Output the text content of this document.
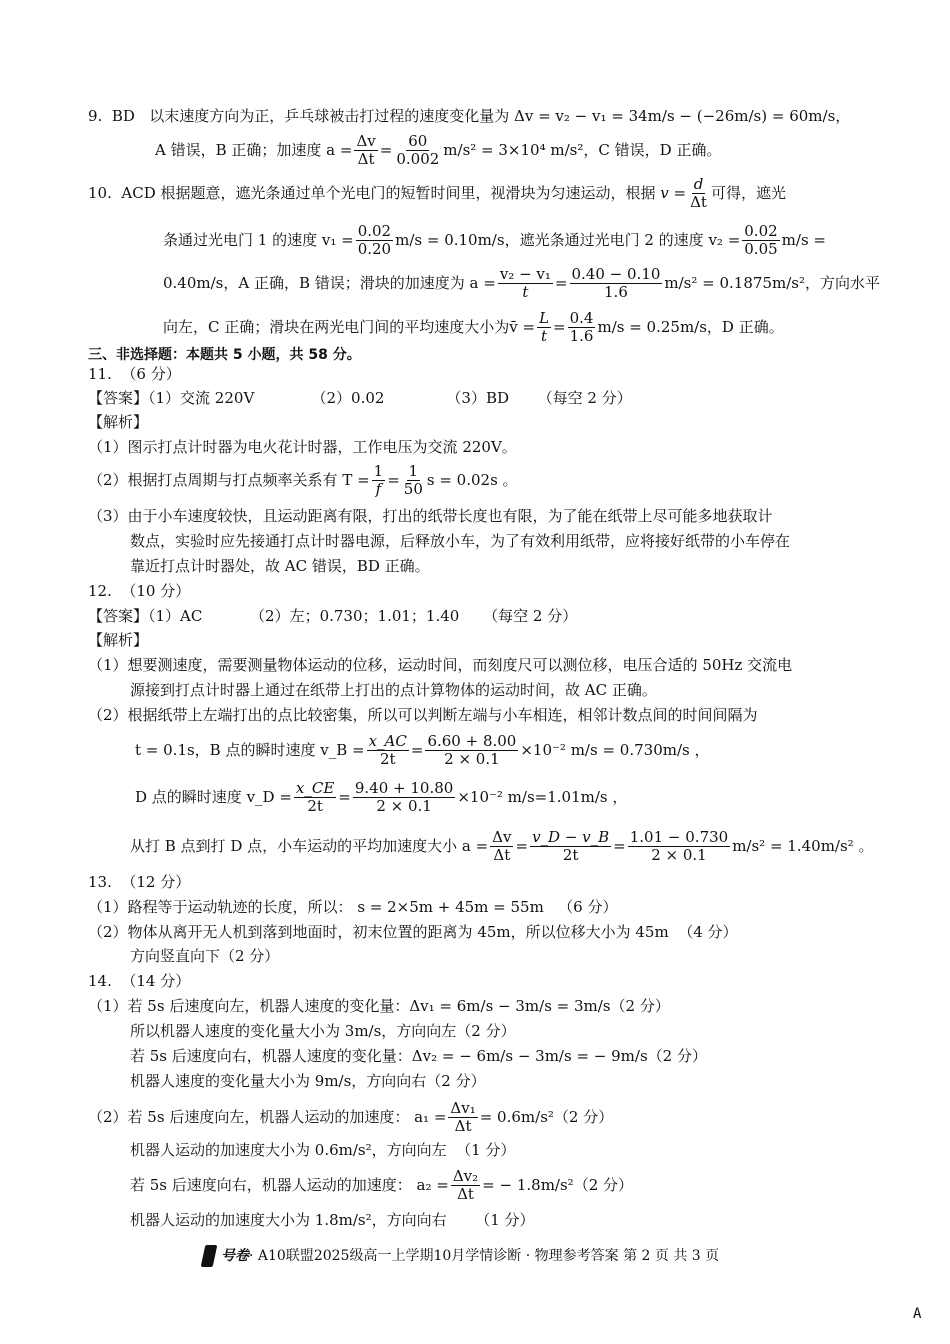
9.  BD   以末速度方向为正，乒乓球被击打过程的速度变化量为 Δv = v₂ − v₁ = 34m/s − (−26m/s) = 60m/s，
A 错误，B 正确；加速度 $a = \frac{\Delta v}{\Delta t}$ =
60
0.002 m/s² = 3×10⁴ m/s²，C 错误，D 正确。
10.  ACD 根据题意，遮光条通过单个光电门的短暂时间里，视滑块为匀速运动，根据
$v = \frac{d}{\Delta t}$ 可得，遮光
条通过光电门 1 的速度
$v_1 = \frac{0.02}{0.20} m/s = 0.10m/s$，遮光条通过光电门 2 的速度
$v_2 = \frac{0.02}{0.05} m/s$ =
0.40m/s，A 正确，B 错误；滑块的加速度为 $a = \frac{\text{v₂ − v₁}}{t}$ =
0.40 − 0.10
1.6 m/s² = 0.1875m/s²，方向水平
向左，C 正确；滑块在两光电门间的平均速度大小为 v̄ = $\frac{L}{t}$ =
0.4
1.6 m/s = 0.25m/s，D 正确。
三、非选择题：本题共 5 小题，共 58 分。
11.  （6 分）
【答案】（1）交流 220V            （2）0.02             （3）BD      （每空 2 分）
【解析】
（1）图示打点计时器为电火花计时器，工作电压为交流 220V。
（2）根据打点周期与打点频率关系有 $T = \frac{1}{f}$ =
1
50 s = 0.02s 。
（3）由于小车速度较快，且运动距离有限，打出的纸带长度也有限，为了能在纸带上尽可能多地获取计
数点，实验时应先接通打点计时器电源，后释放小车，为了有效利用纸带，应将接好纸带的小车停在
靠近打点计时器处，故 AC 错误，BD 正确。
12.  （10 分）
【答案】（1）AC          （2）左；0.730；1.01；1.40     （每空 2 分）
【解析】
（1）想要测速度，需要测量物体运动的位移，运动时间，而刻度尺可以测位移，电压合适的 50Hz 交流电
源接到打点计时器上通过在纸带上打出的点计算物体的运动时间，故 AC 正确。
（2）根据纸带上左端打出的点比较密集，所以可以判断左端与小车相连，相邻计数点间的时间间隔为
t = 0.1s，B 点的瞬时速度 v_B = $\frac{x\_AC}{2t} = \frac{6.60 + 8.00}{2 \times 0.1} \times 10^{-2}$ m/s = 0.730m/s ，
D 点的瞬时速度 v_D = $\frac{x\_CE}{2t} = \frac{9.40 + 10.80}{2 \times 0.1} \times 10^{-2}$ m/s=1.01m/s ，
从打 B 点到打 D 点，小车运动的平均加速度大小 $a = \frac{\Delta v}{\Delta t}$ =
v_D − v_B
2t =
1.01 − 0.730
2 × 0.1 m/s² = 1.40m/s² 。
13.  （12 分）
（1）路程等于运动轨迹的长度，所以： s = 2×5m + 45m = 55m   （6 分）
（2）物体从离开无人机到落到地面时，初末位置的距离为 45m，所以位移大小为 45m  （4 分）
方向竖直向下（2 分）
14.  （14 分）
（1）若 5s 后速度向左，机器人速度的变化量：Δv₁ = 6m/s − 3m/s = 3m/s（2 分）
所以机器人速度的变化量大小为 3m/s，方向向左（2 分）
若 5s 后速度向右，机器人速度的变化量：Δv₂ = − 6m/s − 3m/s = − 9m/s（2 分）
机器人速度的变化量大小为 9m/s，方向向右（2 分）
（2）若 5s 后速度向左，机器人运动的加速度： $a_1 = \frac{\text{Δv₁}}{\Delta t} = 0.6m/s^2(2$ 分）
机器人运动的加速度大小为 0.6m/s²，方向向左  （1 分）
若 5s 后速度向右，机器人运动的加速度： $a_2 = \frac{\text{Δv₂}}{\Delta t}$ = − 1.8m/s²（2 分）
机器人运动的加速度大小为 1.8m/s²，方向向右      （1 分）
号卷· A10联盟2025级高一上学期10月学情诊断 · 物理参考答案 第 2 页 共 3 页
A
